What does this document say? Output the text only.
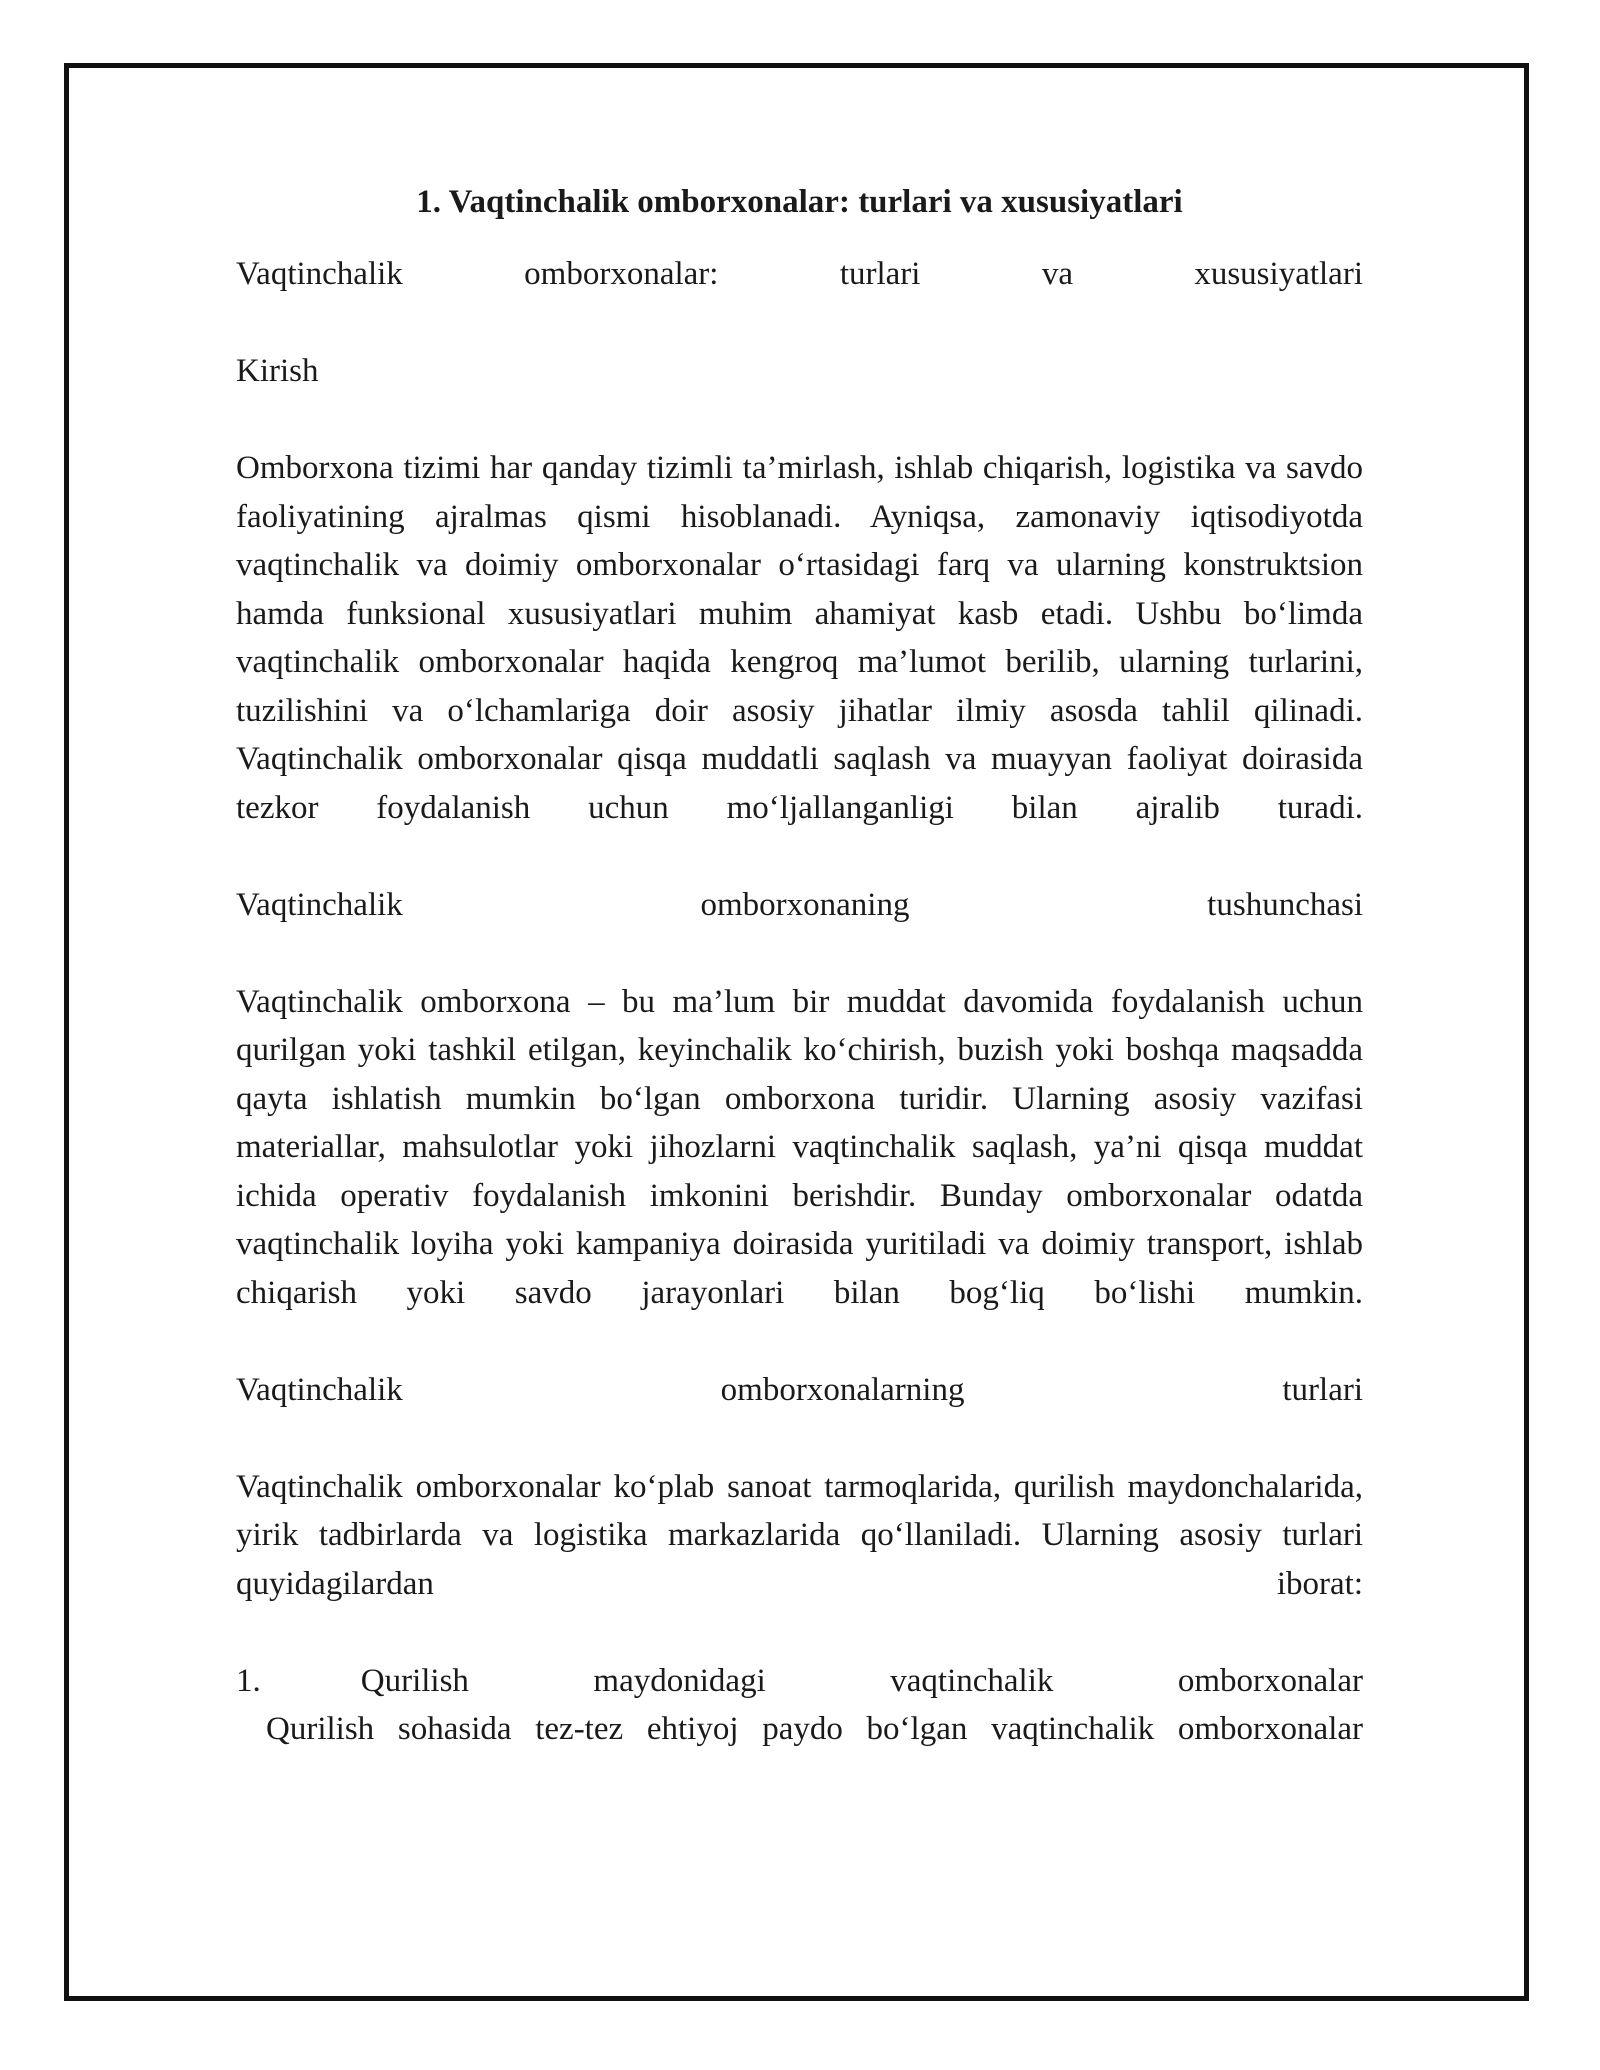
1. Vaqtinchalik omborxonalar: turlari va xususiyatlari

Vaqtinchalik omborxonalar: turlari va xususiyatlari

Kirish

Omborxona tizimi har qanday tizimli ta’mirlash, ishlab chiqarish, logistika va savdo faoliyatining ajralmas qismi hisoblanadi. Ayniqsa, zamonaviy iqtisodiyotda vaqtinchalik va doimiy omborxonalar o‘rtasidagi farq va ularning konstruktsion hamda funksional xususiyatlari muhim ahamiyat kasb etadi. Ushbu bo‘limda vaqtinchalik omborxonalar haqida kengroq ma’lumot berilib, ularning turlarini, tuzilishini va o‘lchamlariga doir asosiy jihatlar ilmiy asosda tahlil qilinadi. Vaqtinchalik omborxonalar qisqa muddatli saqlash va muayyan faoliyat doirasida tezkor foydalanish uchun mo‘ljallanganligi bilan ajralib turadi.

Vaqtinchalik omborxonaning tushunchasi

Vaqtinchalik omborxona – bu ma’lum bir muddat davomida foydalanish uchun qurilgan yoki tashkil etilgan, keyinchalik ko‘chirish, buzish yoki boshqa maqsadda qayta ishlatish mumkin bo‘lgan omborxona turidir. Ularning asosiy vazifasi materiallar, mahsulotlar yoki jihozlarni vaqtinchalik saqlash, ya’ni qisqa muddat ichida operativ foydalanish imkonini berishdir. Bunday omborxonalar odatda vaqtinchalik loyiha yoki kampaniya doirasida yuritiladi va doimiy transport, ishlab chiqarish yoki savdo jarayonlari bilan bog‘liq bo‘lishi mumkin.

Vaqtinchalik omborxonalarning turlari

Vaqtinchalik omborxonalar ko‘plab sanoat tarmoqlarida, qurilish maydonchalarida, yirik tadbirlarda va logistika markazlarida qo‘llaniladi. Ularning asosiy turlari quyidagilardan iborat:

1.	Qurilish maydonidagi vaqtinchalik omborxonalar

Qurilish sohasida tez-tez ehtiyoj paydo bo‘lgan vaqtinchalik omborxonalar
